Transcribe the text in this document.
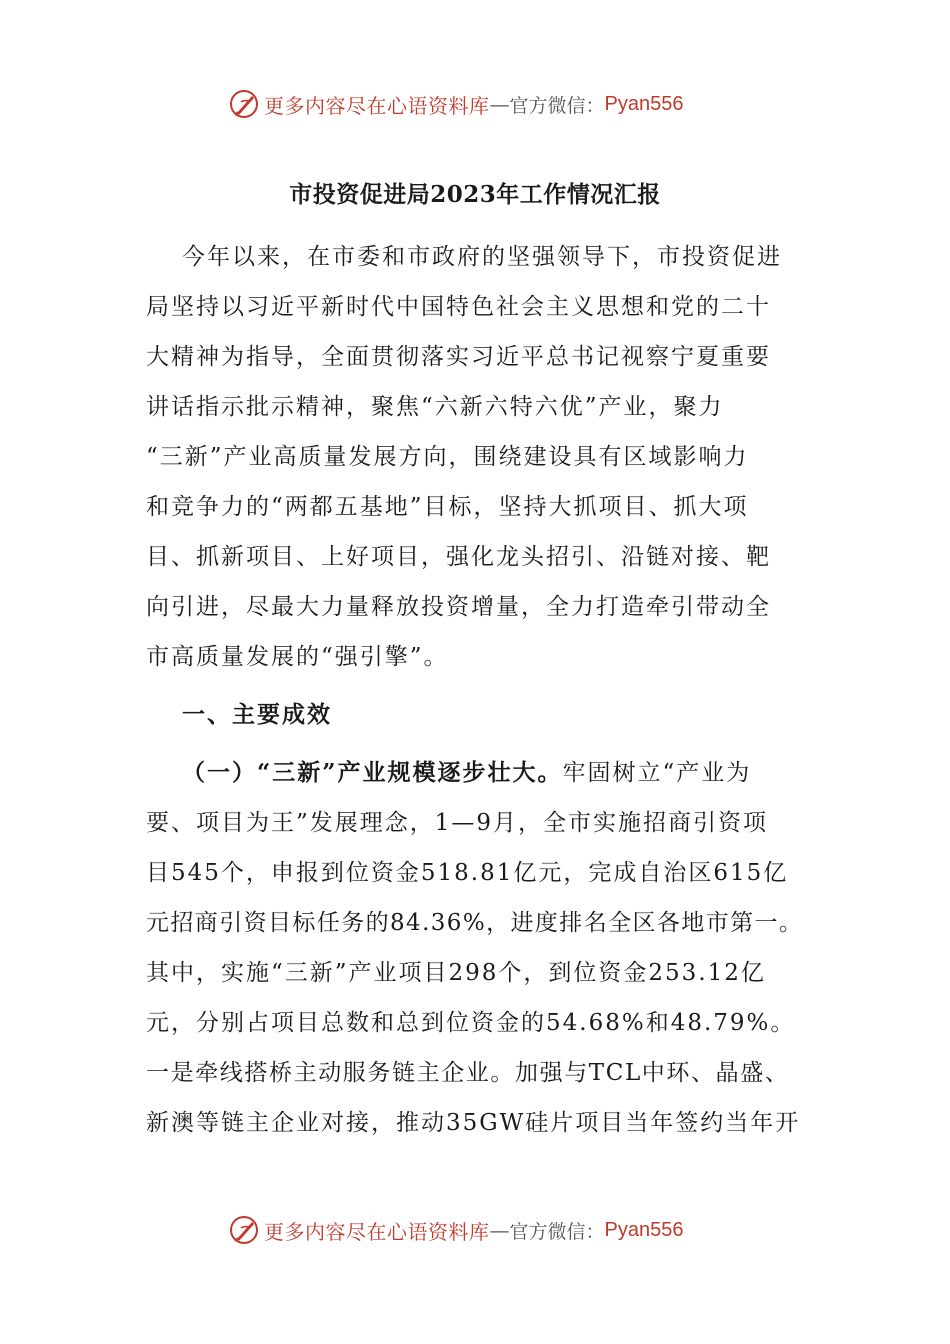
更多内容尽在心语资料库 — 官方微信： Pyan556
市投资促进局2023年工作情况汇报
今年以来，在市委和市政府的坚强领导下，市投资促进
局坚持以习近平新时代中国特色社会主义思想和党的二十
大精神为指导，全面贯彻落实习近平总书记视察宁夏重要
讲话指示批示精神，聚焦“六新六特六优”产业，聚力
“三新”产业高质量发展方向，围绕建设具有区域影响力
和竞争力的“两都五基地”目标，坚持大抓项目、抓大项
目、抓新项目、上好项目，强化龙头招引、沿链对接、靶
向引进，尽最大力量释放投资增量，全力打造牵引带动全
市高质量发展的“强引擎”。
一、主要成效
（一）“三新”产业规模逐步壮大。牢固树立“产业为
要、项目为王”发展理念，1—9月，全市实施招商引资项
目545个，申报到位资金518.81亿元，完成自治区615亿
元招商引资目标任务的84.36%，进度排名全区各地市第一。
其中，实施“三新”产业项目298个，到位资金253.12亿
元，分别占项目总数和总到位资金的54.68%和48.79%。
一是牵线搭桥主动服务链主企业。加强与TCL中环、晶盛、
新澳等链主企业对接，推动35GW硅片项目当年签约当年开
更多内容尽在心语资料库 — 官方微信： Pyan556
